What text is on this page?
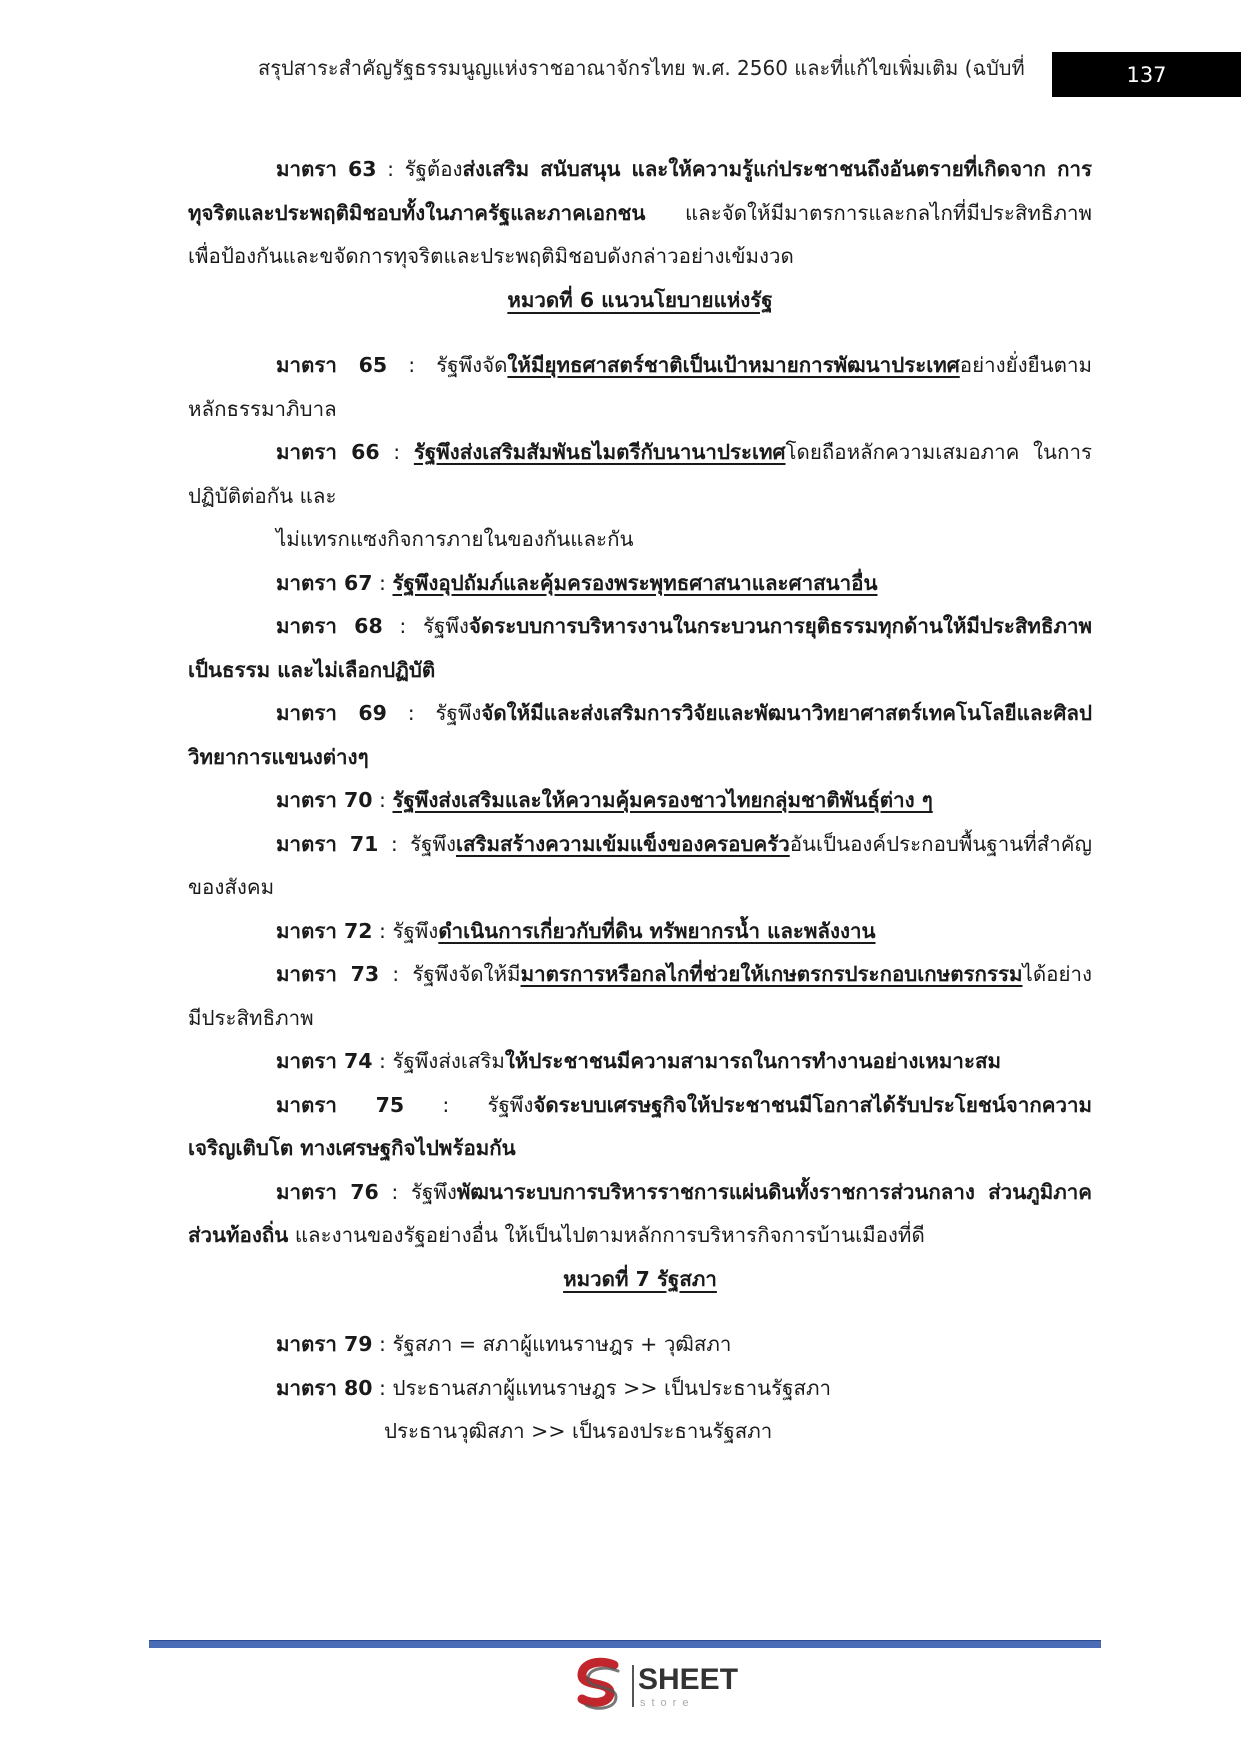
สรุปสาระสำคัญรัฐธรรมนูญแห่งราชอาณาจักรไทย พ.ศ. 2560 และที่แก้ไขเพิ่มเติม (ฉบับที่	137

มาตรา 63 : รัฐต้องส่งเสริม สนับสนุน และให้ความรู้แก่ประชาชนถึงอันตรายที่เกิดจาก การ

ทุจริตและประพฤติมิชอบทั้งในภาครัฐและภาคเอกชน และจัดให้มีมาตรการและกลไกที่มีประสิทธิภาพ

เพื่อป้องกันและขจัดการทุจริตและประพฤติมิชอบดังกล่าวอย่างเข้มงวด

หมวดที่ 6 แนวนโยบายแห่งรัฐ

มาตรา 65 : รัฐพึงจัดให้มียุทธศาสตร์ชาติเป็นเป้าหมายการพัฒนาประเทศอย่างยั่งยืนตาม

หลักธรรมาภิบาล

มาตรา 66 : รัฐพึงส่งเสริมสัมพันธไมตรีกับนานาประเทศโดยถือหลักความเสมอภาค ในการ

ปฏิบัติต่อกัน และ

ไม่แทรกแซงกิจการภายในของกันและกัน

มาตรา 67 : รัฐพึงอุปถัมภ์และคุ้มครองพระพุทธศาสนาและศาสนาอื่น

มาตรา 68 : รัฐพึงจัดระบบการบริหารงานในกระบวนการยุติธรรมทุกด้านให้มีประสิทธิภาพ

เป็นธรรม และไม่เลือกปฏิบัติ

มาตรา 69 : รัฐพึงจัดให้มีและส่งเสริมการวิจัยและพัฒนาวิทยาศาสตร์เทคโนโลยีและศิลป

วิทยาการแขนงต่างๆ

มาตรา 70 : รัฐพึงส่งเสริมและให้ความคุ้มครองชาวไทยกลุ่มชาติพันธุ์ต่าง ๆ

มาตรา 71 : รัฐพึงเสริมสร้างความเข้มแข็งของครอบครัวอันเป็นองค์ประกอบพื้นฐานที่สำคัญ

ของสังคม

มาตรา 72 : รัฐพึงดำเนินการเกี่ยวกับที่ดิน ทรัพยากรน้ำ และพลังงาน

มาตรา 73 : รัฐพึงจัดให้มีมาตรการหรือกลไกที่ช่วยให้เกษตรกรประกอบเกษตรกรรมได้อย่าง

มีประสิทธิภาพ

มาตรา 74 : รัฐพึงส่งเสริมให้ประชาชนมีความสามารถในการทำงานอย่างเหมาะสม

มาตรา 75 : รัฐพึงจัดระบบเศรษฐกิจให้ประชาชนมีโอกาสได้รับประโยชน์จากความ

เจริญเติบโต ทางเศรษฐกิจไปพร้อมกัน

มาตรา 76 : รัฐพึงพัฒนาระบบการบริหารราชการแผ่นดินทั้งราชการส่วนกลาง ส่วนภูมิภาค

ส่วนท้องถิ่น และงานของรัฐอย่างอื่น ให้เป็นไปตามหลักการบริหารกิจการบ้านเมืองที่ดี

หมวดที่ 7 รัฐสภา

มาตรา 79 : รัฐสภา = สภาผู้แทนราษฎร + วุฒิสภา

มาตรา 80 : ประธานสภาผู้แทนราษฎร >> เป็นประธานรัฐสภา

ประธานวุฒิสภา >> เป็นรองประธานรัฐสภา

SHEET
store
